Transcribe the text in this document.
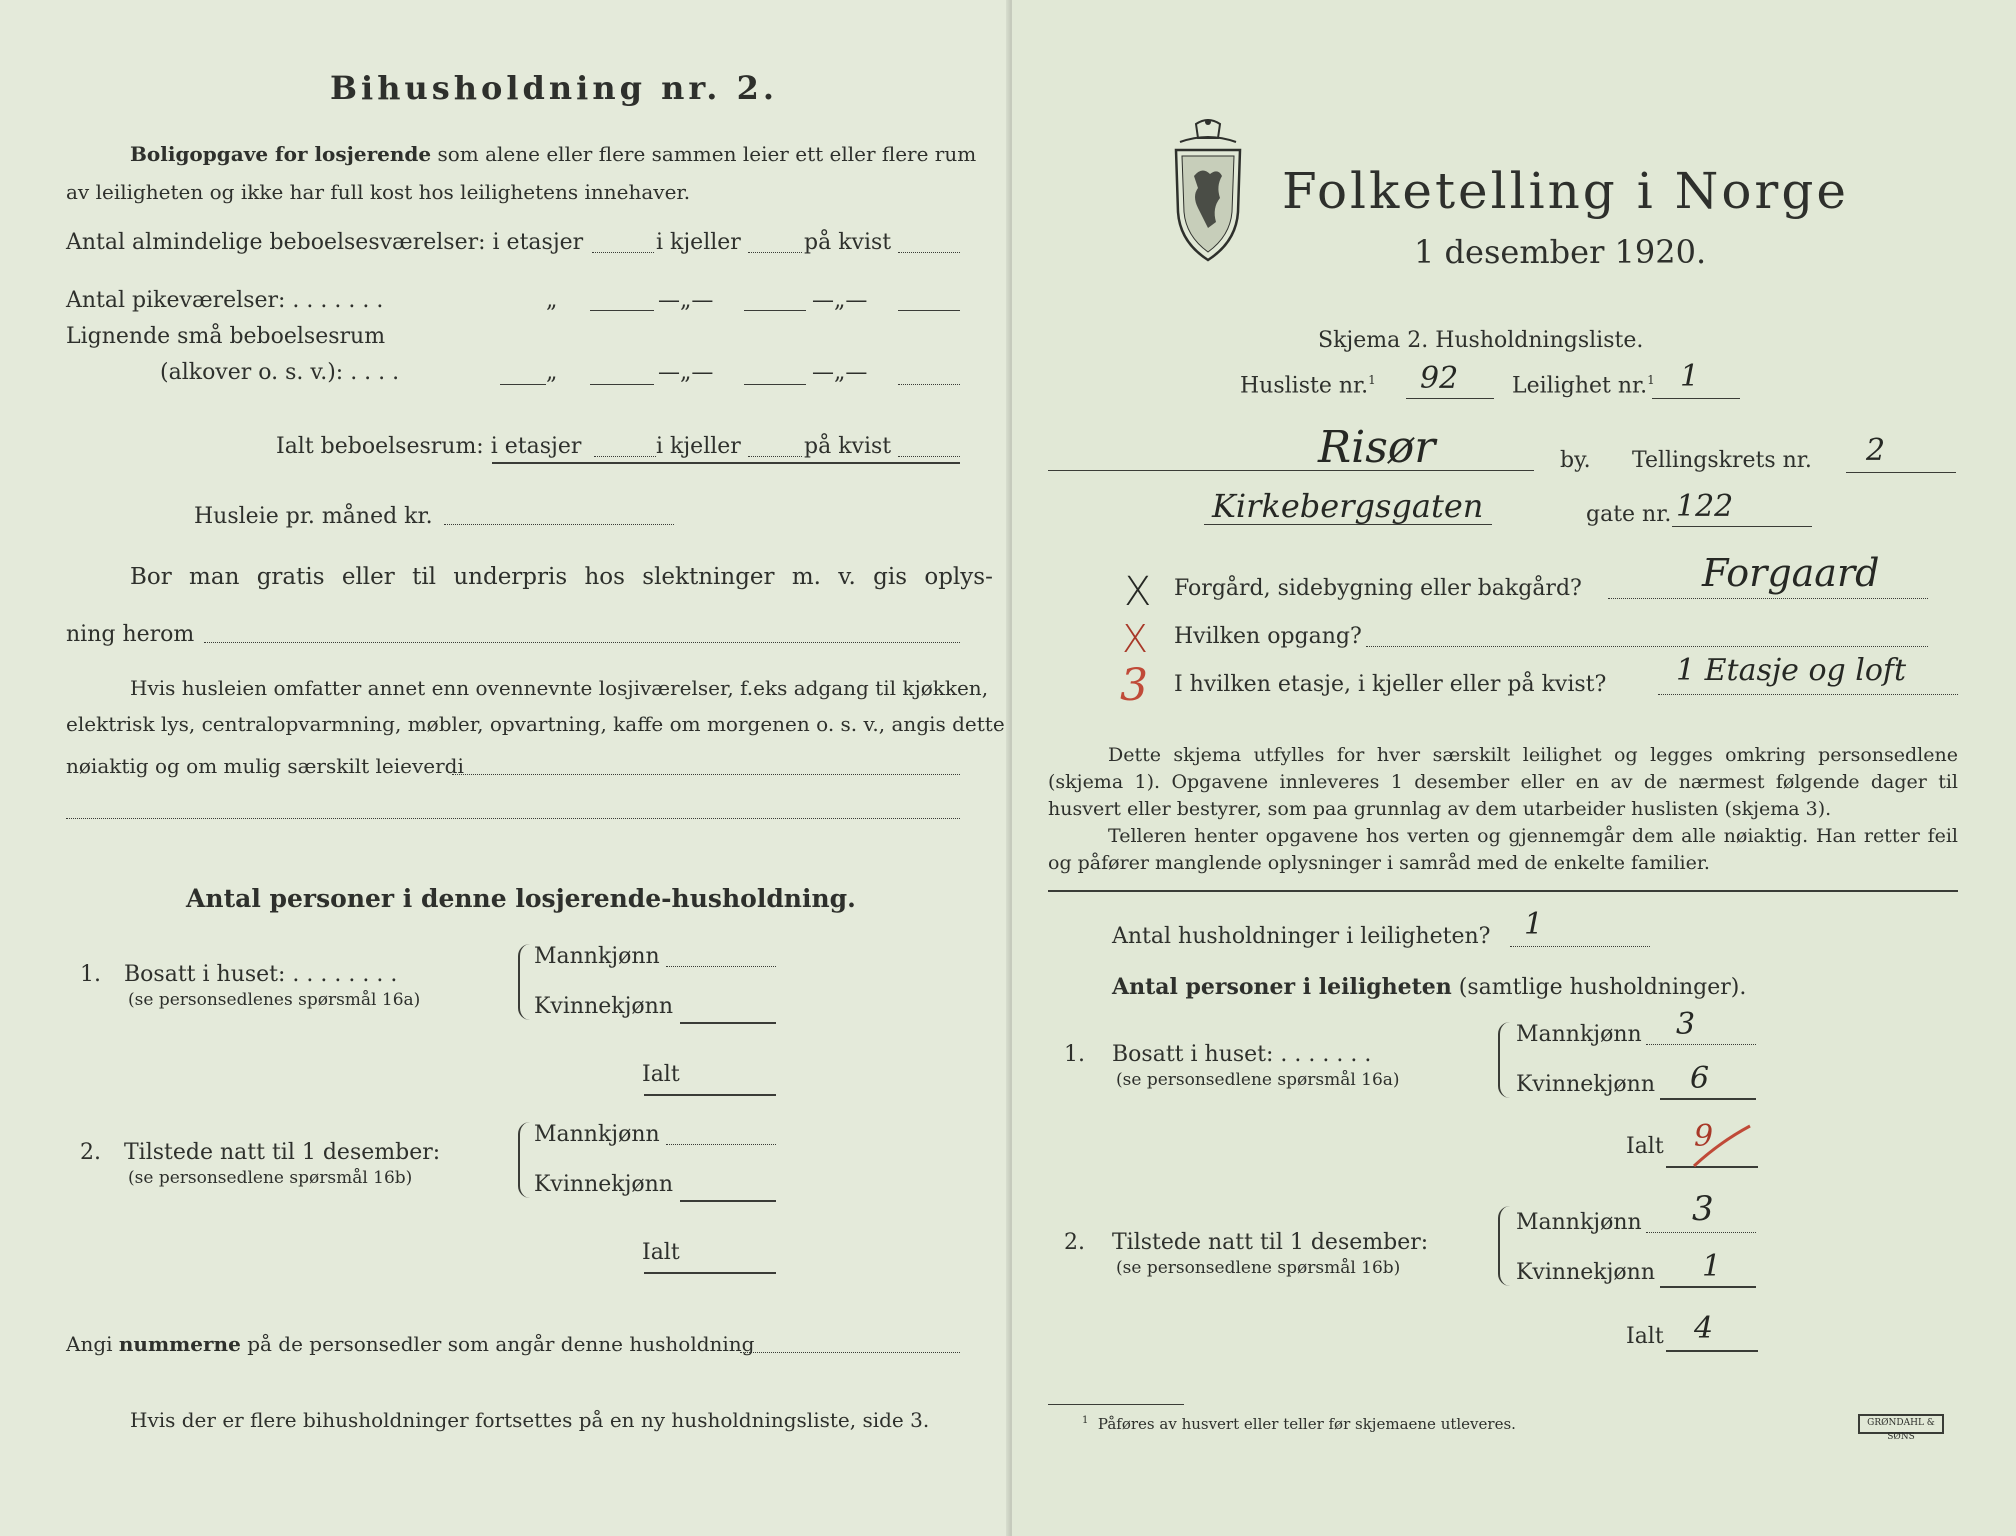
Bihusholdning nr. 2.
Boligopgave for losjerende som alene eller flere sammen leier ett eller flere rum
av leiligheten og ikke har full kost hos leilighetens innehaver.
Antal almindelige beboelsesværelser: i etasjer	i kjeller	på kvist
Antal pikeværelser: . . . . . . .	„	—„—	—„—
Lignende små beboelsesrum
(alkover o. s. v.): . . . .	„	—„—	—„—
Ialt beboelsesrum: i etasjer	i kjeller	på kvist
Husleie pr. måned kr.
Bor man gratis eller til underpris hos slektninger m. v. gis oplys-
ning herom
Hvis husleien omfatter annet enn ovennevnte losjiværelser, f.eks adgang til kjøkken,
elektrisk lys, centralopvarmning, møbler, opvartning, kaffe om morgenen o. s. v., angis dette
nøiaktig og om mulig særskilt leieverdi
Antal personer i denne losjerende-husholdning.
1. Bosatt i huset: . . . . . . . .
(se personsedlenes spørsmål 16a)
Mannkjønn
Kvinnekjønn
Ialt
2. Tilstede natt til 1 desember:
(se personsedlene spørsmål 16b)
Mannkjønn
Kvinnekjønn
Ialt
Angi nummerne på de personsedler som angår denne husholdning
Hvis der er flere bihusholdninger fortsettes på en ny husholdningsliste, side 3.
Folketelling i Norge
1 desember 1920.
Skjema 2. Husholdningsliste.
Husliste nr.$^1$ 92 Leilighet nr.$^1$ 1
Risør	by. Tellingskrets nr. 2
Kirkebergsgaten	gate nr. 122
X Forgård, sidebygning eller bakgård?	Forgaard
X Hvilken opgang?
3 I hvilken etasje, i kjeller eller på kvist? 1 Etasje og loft
Dette skjema utfylles for hver særskilt leilighet og legges omkring personsedlene (skjema 1). Opgavene innleveres 1 desember eller en av de nærmest følgende dager til husvert eller bestyrer, som paa grunnlag av dem utarbeider huslisten (skjema 3).
Telleren henter opgavene hos verten og gjennemgår dem alle nøiaktig. Han retter feil og påfører manglende oplysninger i samråd med de enkelte familier.
Antal husholdninger i leiligheten? 1
Antal personer i leiligheten (samtlige husholdninger).
1. Bosatt i huset: . . . . . . .
(se personsedlene spørsmål 16a)
Mannkjønn 3
Kvinnekjønn 6
Ialt 9
2. Tilstede natt til 1 desember:
(se personsedlene spørsmål 16b)
Mannkjønn 3
Kvinnekjønn 1
Ialt 4
$^1$ Påføres av husvert eller teller før skjemaene utleveres.	GRØNDAHL & SØNS
